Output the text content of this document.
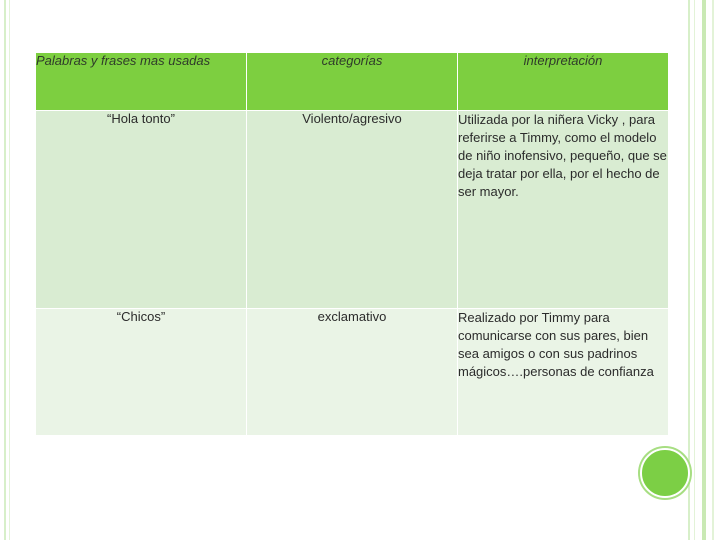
Palabras y frases mas usadas	categorías	interpretación
“Hola tonto”	Violento/agresivo	Utilizada por la niñera Vicky , para referirse a Timmy, como el modelo de niño inofensivo, pequeño, que se deja tratar por ella, por el hecho de ser mayor.
“Chicos”	exclamativo	Realizado por Timmy para comunicarse con sus pares, bien sea amigos o con sus padrinos mágicos….personas de confianza
